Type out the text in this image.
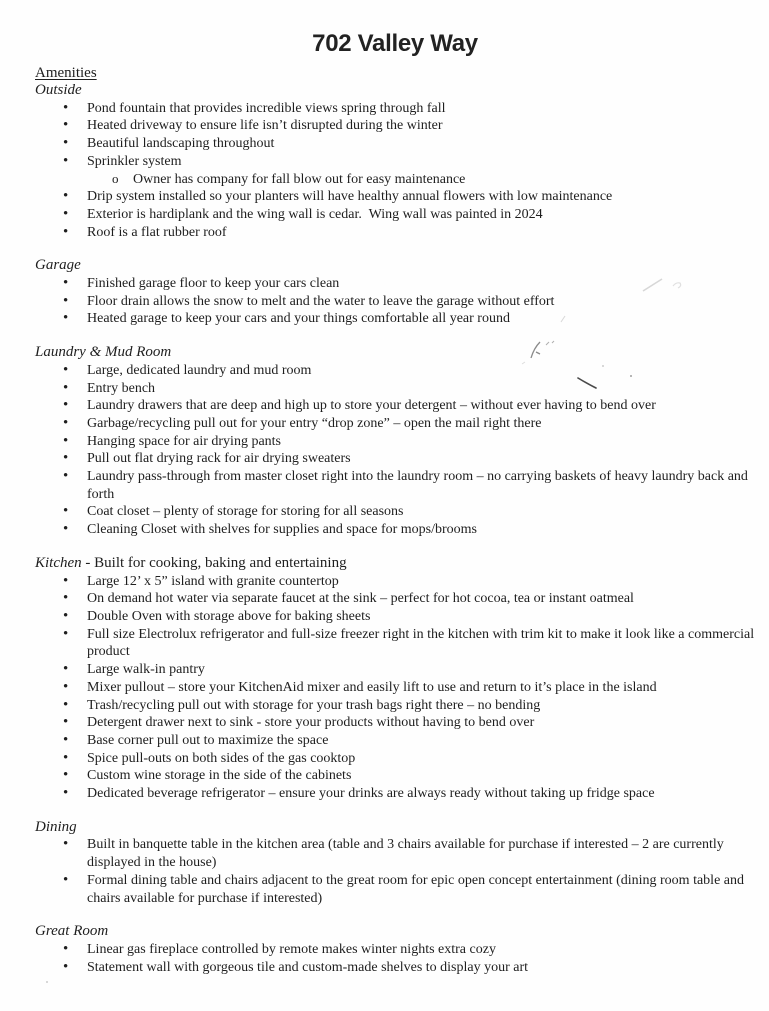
702 Valley Way
Amenities
Outside
• Pond fountain that provides incredible views spring through fall
• Heated driveway to ensure life isn’t disrupted during the winter
• Beautiful landscaping throughout
• Sprinkler system
o Owner has company for fall blow out for easy maintenance
• Drip system installed so your planters will have healthy annual flowers with low maintenance
• Exterior is hardiplank and the wing wall is cedar.  Wing wall was painted in 2024
• Roof is a flat rubber roof
Garage
• Finished garage floor to keep your cars clean
• Floor drain allows the snow to melt and the water to leave the garage without effort
• Heated garage to keep your cars and your things comfortable all year round
Laundry & Mud Room
• Large, dedicated laundry and mud room
• Entry bench
• Laundry drawers that are deep and high up to store your detergent – without ever having to bend over
• Garbage/recycling pull out for your entry “drop zone” – open the mail right there
• Hanging space for air drying pants
• Pull out flat drying rack for air drying sweaters
• Laundry pass-through from master closet right into the laundry room – no carrying baskets of heavy laundry back and forth
• Coat closet – plenty of storage for storing for all seasons
• Cleaning Closet with shelves for supplies and space for mops/brooms
Kitchen - Built for cooking, baking and entertaining
• Large 12’ x 5” island with granite countertop
• On demand hot water via separate faucet at the sink – perfect for hot cocoa, tea or instant oatmeal
• Double Oven with storage above for baking sheets
• Full size Electrolux refrigerator and full-size freezer right in the kitchen with trim kit to make it look like a commercial product
• Large walk-in pantry
• Mixer pullout – store your KitchenAid mixer and easily lift to use and return to it’s place in the island
• Trash/recycling pull out with storage for your trash bags right there – no bending
• Detergent drawer next to sink - store your products without having to bend over
• Base corner pull out to maximize the space
• Spice pull-outs on both sides of the gas cooktop
• Custom wine storage in the side of the cabinets
• Dedicated beverage refrigerator – ensure your drinks are always ready without taking up fridge space
Dining
• Built in banquette table in the kitchen area (table and 3 chairs available for purchase if interested – 2 are currently displayed in the house)
• Formal dining table and chairs adjacent to the great room for epic open concept entertainment (dining room table and chairs available for purchase if interested)
Great Room
• Linear gas fireplace controlled by remote makes winter nights extra cozy
• Statement wall with gorgeous tile and custom-made shelves to display your art
